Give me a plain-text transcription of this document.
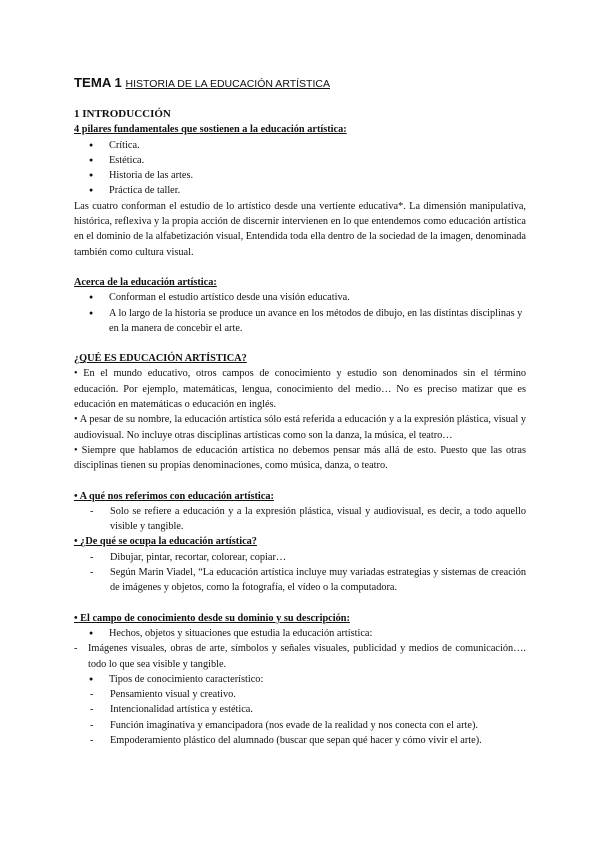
TEMA 1 HISTORIA DE LA EDUCACIÓN ARTÍSTICA

1 INTRODUCCIÓN

4 pilares fundamentales que sostienen a la educación artística:

● Crítica.
● Estética.
● Historia de las artes.
● Práctica de taller.

Las cuatro conforman el estudio de lo artístico desde una vertiente educativa*. La dimensión manipulativa, histórica, reflexiva y la propia acción de discernir intervienen en lo que entendemos como educación artística en el dominio de la alfabetización visual, Entendida toda ella dentro de la sociedad de la imagen, denominada también como cultura visual.

Acerca de la educación artística:

● Conforman el estudio artístico desde una visión educativa.
● A lo largo de la historia se produce un avance en los métodos de dibujo, en las distintas disciplinas y en la manera de concebir el arte.

¿QUÉ ES EDUCACIÓN ARTÍSTICA?

• En el mundo educativo, otros campos de conocimiento y estudio son denominados sin el término educación. Por ejemplo, matemáticas, lengua, conocimiento del medio… No es preciso matizar que es educación en matemáticas o educación en inglés.

• A pesar de su nombre, la educación artística sólo está referida a educación y a la expresión plástica, visual y audiovisual. No incluye otras disciplinas artísticas como son la danza, la música, el teatro…

• Siempre que hablamos de educación artística no debemos pensar más allá de esto. Puesto que las otras disciplinas tienen su propias denominaciones, como música, danza, o teatro.

• A qué nos referimos con educación artística:

- Solo se refiere a educación y a la expresión plástica, visual y audiovisual, es decir, a todo aquello visible y tangible.

• ¿De qué se ocupa la educación artística?

- Dibujar, pintar, recortar, colorear, copiar…
- Según Marin Viadel, “La educación artística incluye muy variadas estrategias y sistemas de creación de imágenes y objetos, como la fotografía, el vídeo o la computadora.

• El campo de conocimiento desde su dominio y su descripción:

● Hechos, objetos y situaciones que estudia la educación artística:

- Imágenes visuales, obras de arte, símbolos y señales visuales, publicidad y medios de comunicación…. todo lo que sea visible y tangible.

● Tipos de conocimiento característico:
- Pensamiento visual y creativo.
- Intencionalidad artística y estética.
- Función imaginativa y emancipadora (nos evade de la realidad y nos conecta con el arte).
- Empoderamiento plástico del alumnado (buscar que sepan qué hacer y cómo vivir el arte).
